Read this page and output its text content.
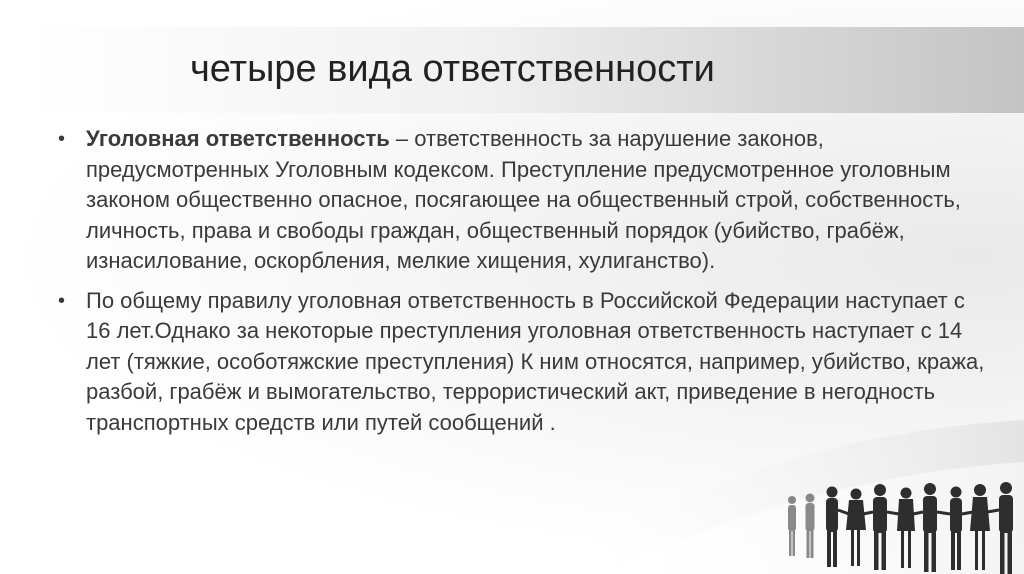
четыре вида ответственности
• Уголовная ответственность – ответственность за нарушение законов, предусмотренных Уголовным кодексом. Преступление предусмотренное уголовным законом общественно опасное, посягающее на общественный строй, собственность, личность, права и свободы граждан, общественный порядок (убийство, грабёж, изнасилование, оскорбления, мелкие хищения, хулиганство).
• По общему правилу уголовная ответственность в Российской Федерации наступает с 16 лет.Однако за некоторые преступления уголовная ответственность наступает с 14 лет (тяжкие, особотяжские преступления) К ним относятся, например, убийство, кража, разбой, грабёж и вымогательство, террористический акт, приведение в негодность транспортных средств или путей сообщений .
